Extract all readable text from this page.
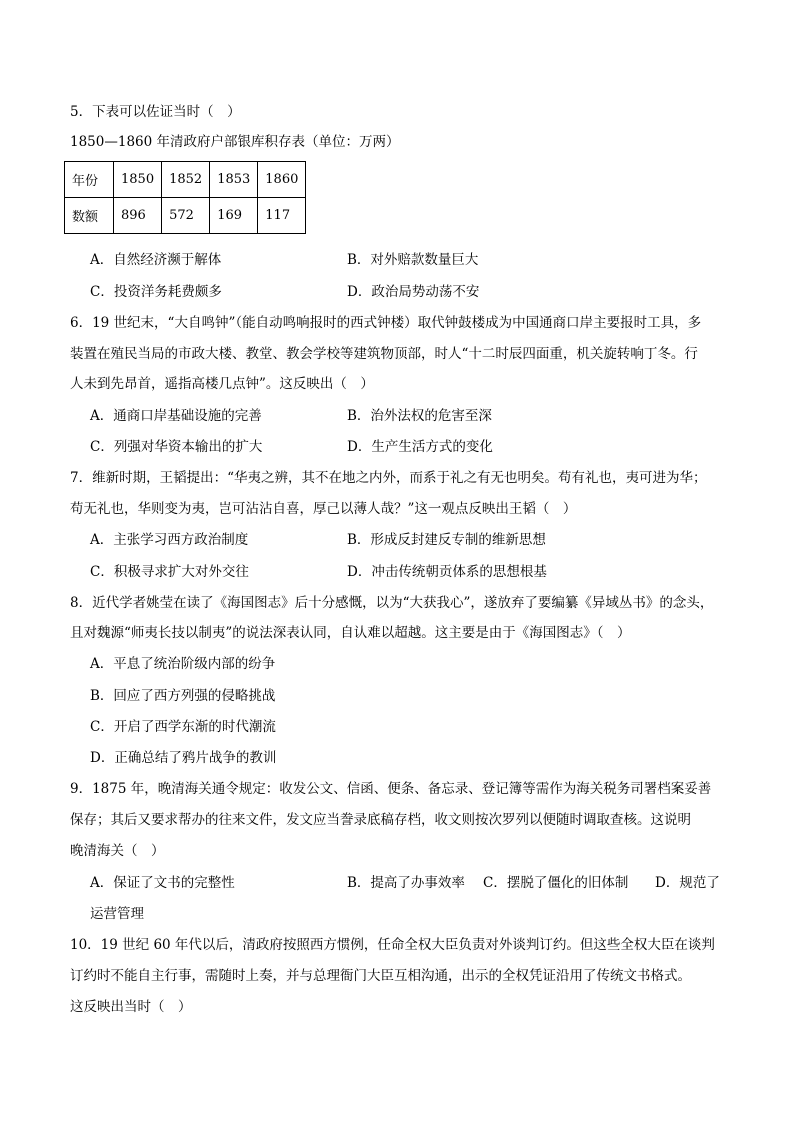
5．下表可以佐证当时（　）
1850—1860 年清政府户部银库积存表（单位：万两）
年份	1850	1852	1853	1860
数额	896	572	169	117
A．自然经济濒于解体	B．对外赔款数量巨大
C．投资洋务耗费颇多	D．政治局势动荡不安
6．19 世纪末，“大自鸣钟”（能自动鸣响报时的西式钟楼）取代钟鼓楼成为中国通商口岸主要报时工具，多
装置在殖民当局的市政大楼、教堂、教会学校等建筑物顶部，时人“十二时辰四面重，机关旋转响丁冬。行
人未到先昂首，遥指高楼几点钟”。这反映出（　）
A．通商口岸基础设施的完善	B．治外法权的危害至深
C．列强对华资本输出的扩大	D．生产生活方式的变化
7．维新时期，王韬提出：“华夷之辨，其不在地之内外，而系于礼之有无也明矣。苟有礼也，夷可进为华；
苟无礼也，华则变为夷，岂可沾沾自喜，厚己以薄人哉？”这一观点反映出王韬（　）
A．主张学习西方政治制度	B．形成反封建反专制的维新思想
C．积极寻求扩大对外交往	D．冲击传统朝贡体系的思想根基
8．近代学者姚莹在读了《海国图志》后十分感慨，以为“大获我心”，遂放弃了要编纂《异域丛书》的念头，
且对魏源“师夷长技以制夷”的说法深表认同，自认难以超越。这主要是由于《海国图志》（　）
A．平息了统治阶级内部的纷争
B．回应了西方列强的侵略挑战
C．开启了西学东渐的时代潮流
D．正确总结了鸦片战争的教训
9．1875 年，晚清海关通令规定：收发公文、信函、便条、备忘录、登记簿等需作为海关税务司署档案妥善
保存；其后又要求帮办的往来文件，发文应当誊录底稿存档，收文则按次罗列以便随时调取查核。这说明
晚清海关（　）
A．保证了文书的完整性	B．提高了办事效率 C．摆脱了僵化的旧体制 D．规范了
运营管理
10．19 世纪 60 年代以后，清政府按照西方惯例，任命全权大臣负责对外谈判订约。但这些全权大臣在谈判
订约时不能自主行事，需随时上奏，并与总理衙门大臣互相沟通，出示的全权凭证沿用了传统文书格式。
这反映出当时（　）
